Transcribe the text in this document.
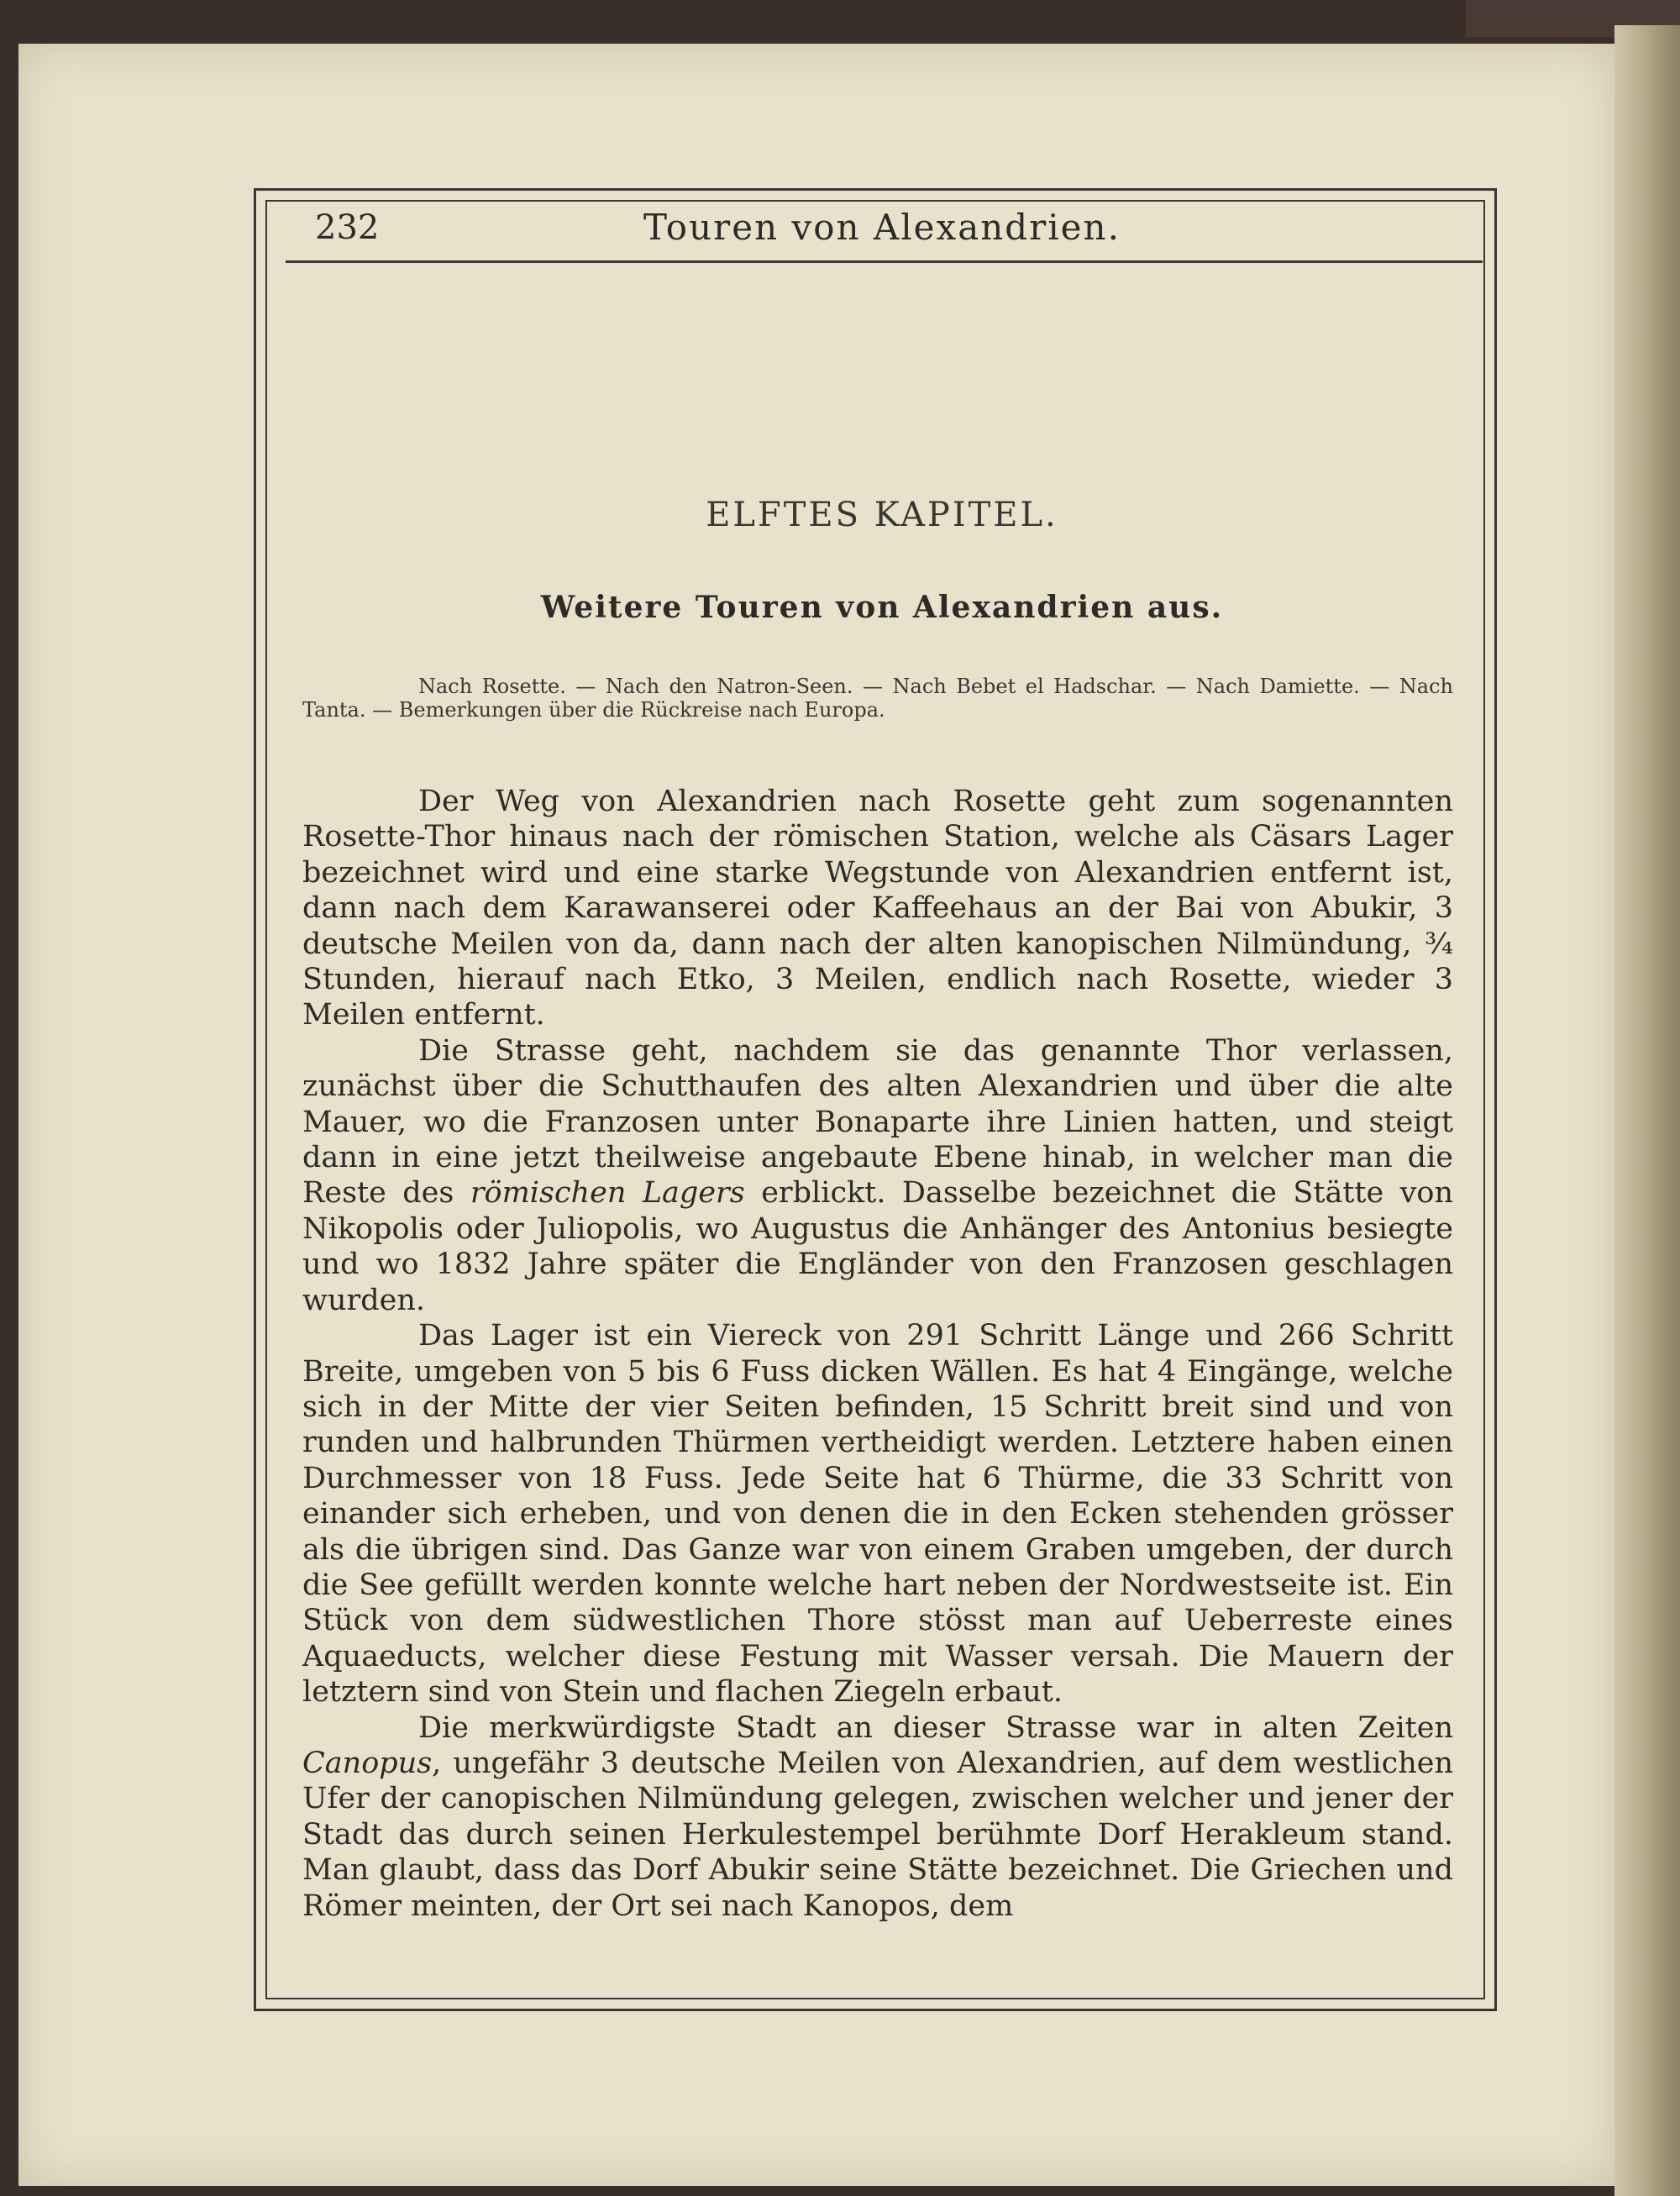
232	Touren von Alexandrien.
ELFTES KAPITEL.
Weitere Touren von Alexandrien aus.
Nach Rosette. — Nach den Natron-Seen. — Nach Bebet el Hadschar. — Nach Damiette. — Nach Tanta. — Bemerkungen über die Rückreise nach Europa.

Der Weg von Alexandrien nach Rosette geht zum sogenannten Rosette-Thor hinaus nach der römischen Station, welche als Cäsars Lager bezeichnet wird und eine starke Wegstunde von Alexandrien entfernt ist, dann nach dem Karawanserei oder Kaffeehaus an der Bai von Abukir, 3 deutsche Meilen von da, dann nach der alten kanopischen Nilmündung, ¾ Stunden, hierauf nach Etko, 3 Meilen, endlich nach Rosette, wieder 3 Meilen entfernt.

Die Strasse geht, nachdem sie das genannte Thor verlassen, zunächst über die Schutthaufen des alten Alexandrien und über die alte Mauer, wo die Franzosen unter Bonaparte ihre Linien hatten, und steigt dann in eine jetzt theilweise angebaute Ebene hinab, in welcher man die Reste des römischen Lagers erblickt. Dasselbe bezeichnet die Stätte von Nikopolis oder Juliopolis, wo Augustus die Anhänger des Antonius besiegte und wo 1832 Jahre später die Engländer von den Franzosen geschlagen wurden.

Das Lager ist ein Viereck von 291 Schritt Länge und 266 Schritt Breite, umgeben von 5 bis 6 Fuss dicken Wällen. Es hat 4 Eingänge, welche sich in der Mitte der vier Seiten befinden, 15 Schritt breit sind und von runden und halbrunden Thürmen vertheidigt werden. Letztere haben einen Durchmesser von 18 Fuss. Jede Seite hat 6 Thürme, die 33 Schritt von einander sich erheben, und von denen die in den Ecken stehenden grösser als die übrigen sind. Das Ganze war von einem Graben umgeben, der durch die See gefüllt werden konnte welche hart neben der Nordwestseite ist. Ein Stück von dem südwestlichen Thore stösst man auf Ueberreste eines Aquaeducts, welcher diese Festung mit Wasser versah. Die Mauern der letztern sind von Stein und flachen Ziegeln erbaut.

Die merkwürdigste Stadt an dieser Strasse war in alten Zeiten Canopus, ungefähr 3 deutsche Meilen von Alexandrien, auf dem westlichen Ufer der canopischen Nilmündung gelegen, zwischen welcher und jener der Stadt das durch seinen Herkulestempel berühmte Dorf Herakleum stand. Man glaubt, dass das Dorf Abukir seine Stätte bezeichnet. Die Griechen und Römer meinten, der Ort sei nach Kanopos, dem
